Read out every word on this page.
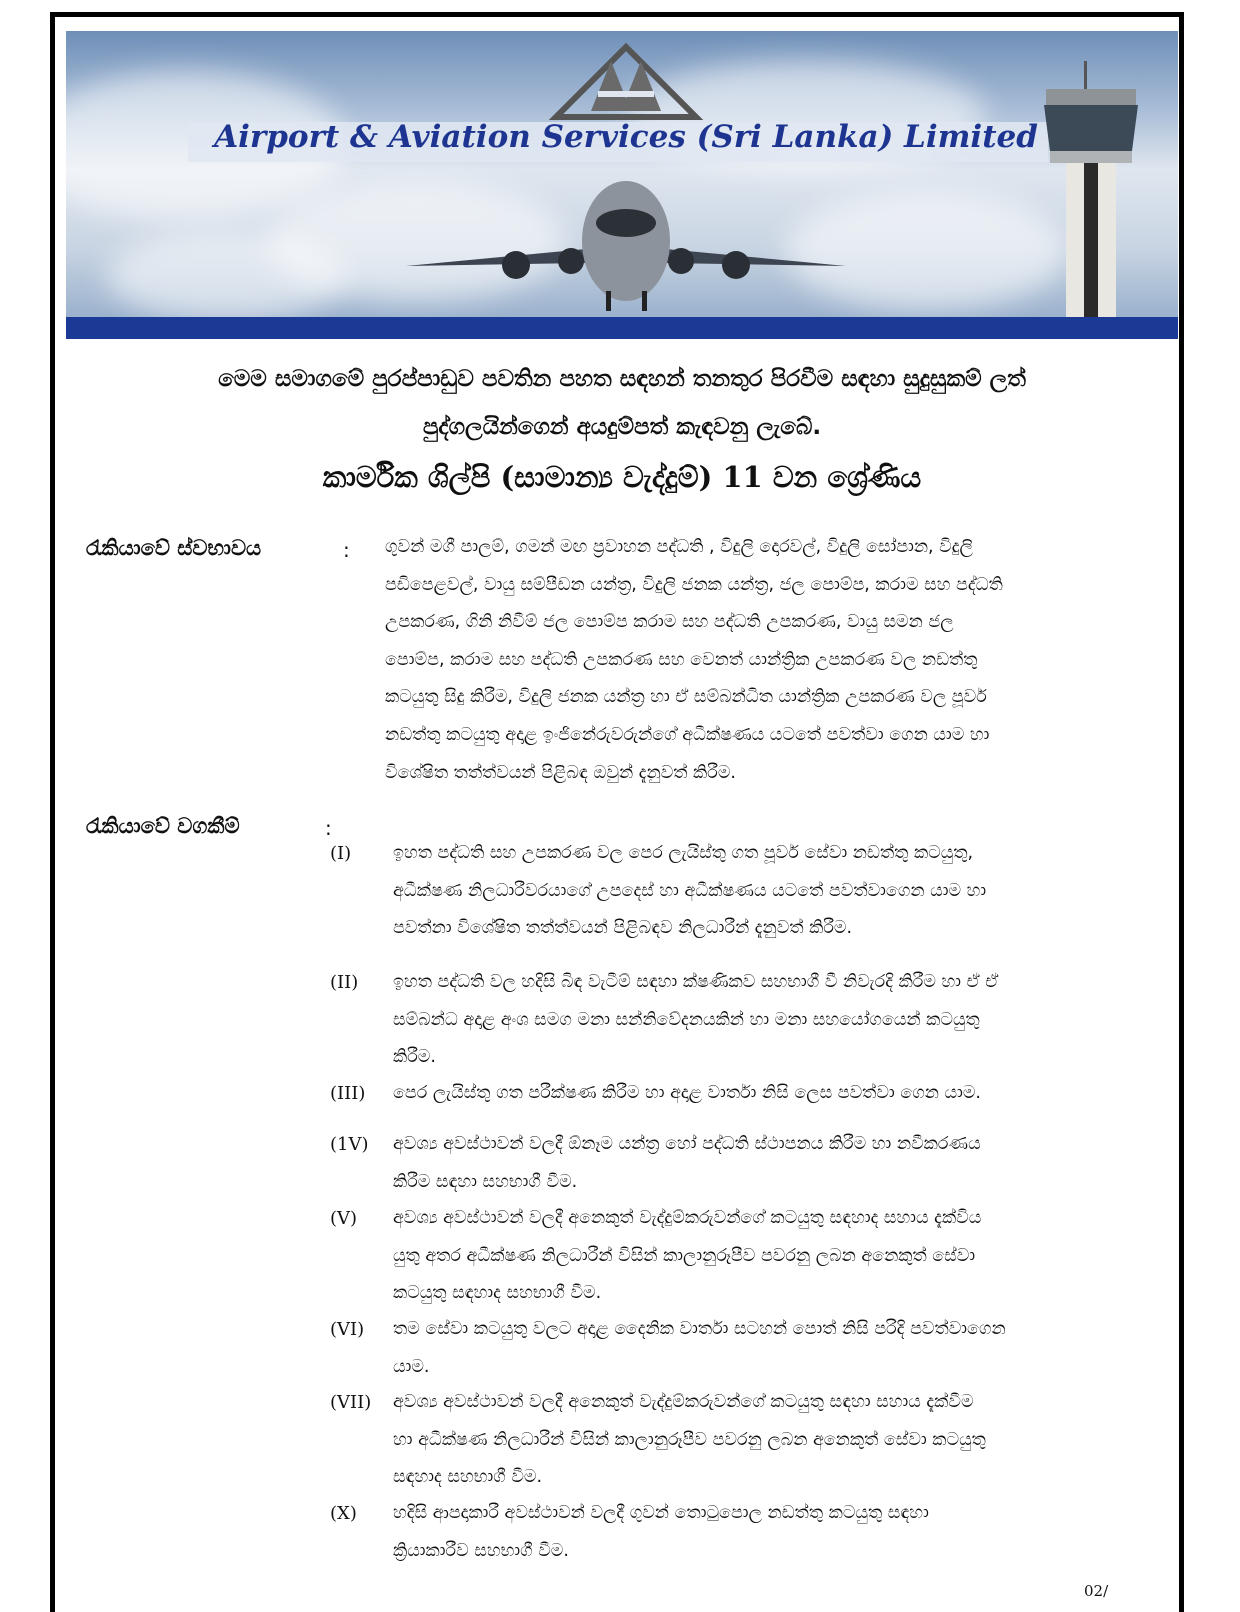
Airport & Aviation Services (Sri Lanka) Limited
මෙම සමාගමේ පුරප්පාඩුව පවතින පහත සඳහන් තනතුර පිරවීම සඳහා සුදුසුකම් ලත්
පුද්ගලයින්ගෙන් අයදුම්පත් කැඳවනු ලැබේ.
කාර්මික ශිල්පි (සාමාන්‍ය වැද්දුම්) 11 වන ශ්‍රේණිය
රැකියාවේ ස්වභාවය	: ගුවන් මගී පාලම්, ගමන් මඟ ප්‍රවාහන පද්ධති , විදුලි දොරවල්, විදුලි සෝපාන, විදුලි
පඩිපෙළවල්, වායු සම්පීඩන යන්ත්‍ර, විදුලි ජනක යන්ත්‍ර, ජල පොම්ප, කරාම සහ පද්ධති
උපකරණ, ගිනි නිවීම් ජල පොම්ප කරාම සහ පද්ධති උපකරණ, වායු සමන ජල
පොම්ප, කරාම සහ පද්ධති උපකරණ සහ වෙනත් යාන්ත්‍රික උපකරණ වල නඩත්තු
කටයුතු සිදු කිරීම, විදුලි ජනක යන්ත්‍ර හා ඒ සම්බන්ධිත යාන්ත්‍රික උපකරණ වල පූර්ව
නඩත්තු කටයුතු අදාළ ඉංජිනේරුවරුන්ගේ අධීක්ෂණය යටතේ පවත්වා ගෙන යාම හා
විශේෂිත තත්ත්වයන් පිළිබඳ ඔවුන් දැනුවත් කිරීම.
රැකියාවේ වගකීම්	:
(I) ඉහත පද්ධති සහ උපකරණ වල පෙර ලැයිස්තු ගත පූර්ව සේවා නඩත්තු කටයුතු,
අධීක්ෂණ නිලධාරීවරයාගේ උපදෙස් හා අධීක්ෂණය යටතේ පවත්වාගෙන යාම හා
පවත්නා විශේෂිත තත්ත්වයන් පිළිබඳව නිලධාරීන් දැනුවත් කිරීම.
(II) ඉහත පද්ධති වල හදිසි බිඳ වැටීම් සඳහා ක්ෂණිකව සහභාගී වී නිවැරදි කිරීම හා ඒ ඒ
සම්බන්ධ අදාළ අංශ සමග මනා සන්නිවේදනයකින් හා මනා සහයෝගයෙන් කටයුතු
කිරීම.
(III) පෙර ලැයිස්තු ගත පරීක්ෂණ කිරීම හා අදාළ වාර්තා නිසි ලෙස පවත්වා ගෙන යාම.
(1V) අවශ්‍ය අවස්ථාවන් වලදී ඕනෑම යන්ත්‍ර හෝ පද්ධති ස්ථාපනය කිරීම හා නවීකරණය
කිරීම සඳහා සහභාගී වීම.
(V) අවශ්‍ය අවස්ථාවන් වලදී අනෙකුත් වැද්දුම්කරුවන්ගේ කටයුතු සඳහාද සහාය දැක්විය
යුතු අතර අධීක්ෂණ නිලධාරීන් විසින් කාලානුරූපීව පවරනු ලබන අනෙකුත් සේවා
කටයුතු සඳහාද සහභාගී වීම.
(VI) තම සේවා කටයුතු වලට අදාළ දෛනික වාර්තා සටහන් පොත් නිසි පරිදි පවත්වාගෙන
යාම.
(VII) අවශ්‍ය අවස්ථාවන් වලදී අනෙකුත් වැද්දුම්කරුවන්ගේ කටයුතු සඳහා සහාය දැක්වීම
හා අධීක්ෂණ නිලධාරීන් විසින් කාලානුරූපීව පවරනු ලබන අනෙකුත් සේවා කටයුතු
සඳහාද සහභාගී වීම.
(X) හදිසි ආපදාකාරී අවස්ථාවන් වලදී ගුවන් තොටුපොල නඩත්තු කටයුතු සඳහා
ක්‍රියාකාරීව සහභාගී වීම.
02/
